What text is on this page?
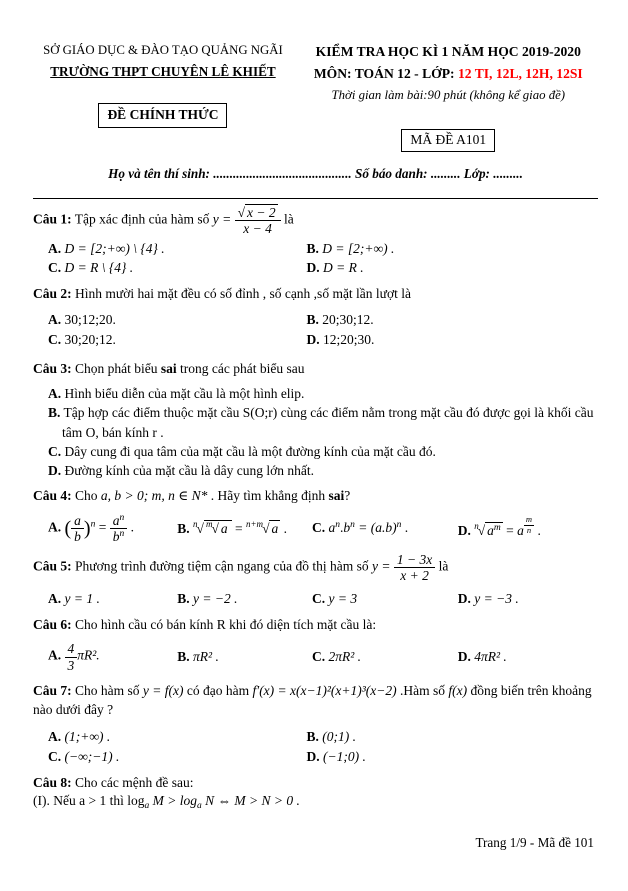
SỞ GIÁO DỤC & ĐÀO TẠO QUẢNG NGÃI
TRƯỜNG THPT CHUYÊN LÊ KHIẾT
ĐỀ CHÍNH THỨC
KIỂM TRA HỌC KÌ 1 NĂM HỌC 2019-2020
MÔN: TOÁN 12 - LỚP: 12 TI, 12L, 12H, 12SI
Thời gian làm bài:90 phút (không kể giao đề)
MÃ ĐỀ A101
Họ và tên thí sinh: .......................................... Số báo danh: ......... Lớp: .........
Câu 1: Tập xác định của hàm số $y = \frac{√ x - 2}{x - 4}$ là
A. D = [2;+∞) \ {4} .	B. D = [2;+∞) .
C. D = R \ {4} .	D. D = R .
Câu 2: Hình mười hai mặt đều có số đỉnh , số cạnh ,số mặt lần lượt là
A. 30;12;20.	B. 20;30;12.
C. 30;20;12.	D. 12;20;30.
Câu 3: Chọn phát biểu sai trong các phát biểu sau
A. Hình biểu diễn của mặt cầu là một hình elip.
B. Tập hợp các điểm thuộc mặt cầu S(O;r) cùng các điểm nằm trong mặt cầu đó được gọi là khối cầu tâm O, bán kính r .
C. Dây cung đi qua tâm của mặt cầu là một đường kính của mặt cầu đó.
D. Đường kính của mặt cầu là dây cung lớn nhất.
Câu 4: Cho a, b > 0; m, n ∈ N* . Hãy tìm khẳng định sai?
A. ( $\frac{a}{b} )^n = \frac{a^n}{b^n}$ .	B. $^n$√ $^m$√ a = $^{n+m}$√ a .	C. $a^n.b^n = (a.b)^n$ .	D. $^n$√ $a^m = a$ $^{\frac{m}{n}}$ .
Câu 5: Phương trình đường tiệm cận ngang của đồ thị hàm số $y = \frac{1 - 3x}{x + 2}$ là
A. y = 1 .	B. y = −2 .	C. y = 3	D. y = −3 .
Câu 6: Cho hình cầu có bán kính R khi đó diện tích mặt cầu là:
A. $\frac{4}{3} \pi R^2$.	B. πR² .	C. 2πR² .	D. 4πR² .
Câu 7: Cho hàm số y = f(x) có đạo hàm f′(x) = x(x−1)²(x+1)³(x−2) .Hàm số f(x) đồng biến trên khoảng nào dưới đây ?
A. (1;+∞) .	B. (0;1) .
C. (−∞;−1) .	D. (−1;0) .
Câu 8: Cho các mệnh đề sau:
(I). Nếu a > 1 thì $\log_a M > \log_a N$ ⇔ M > N > 0 .
Trang 1/9 - Mã đề 101
